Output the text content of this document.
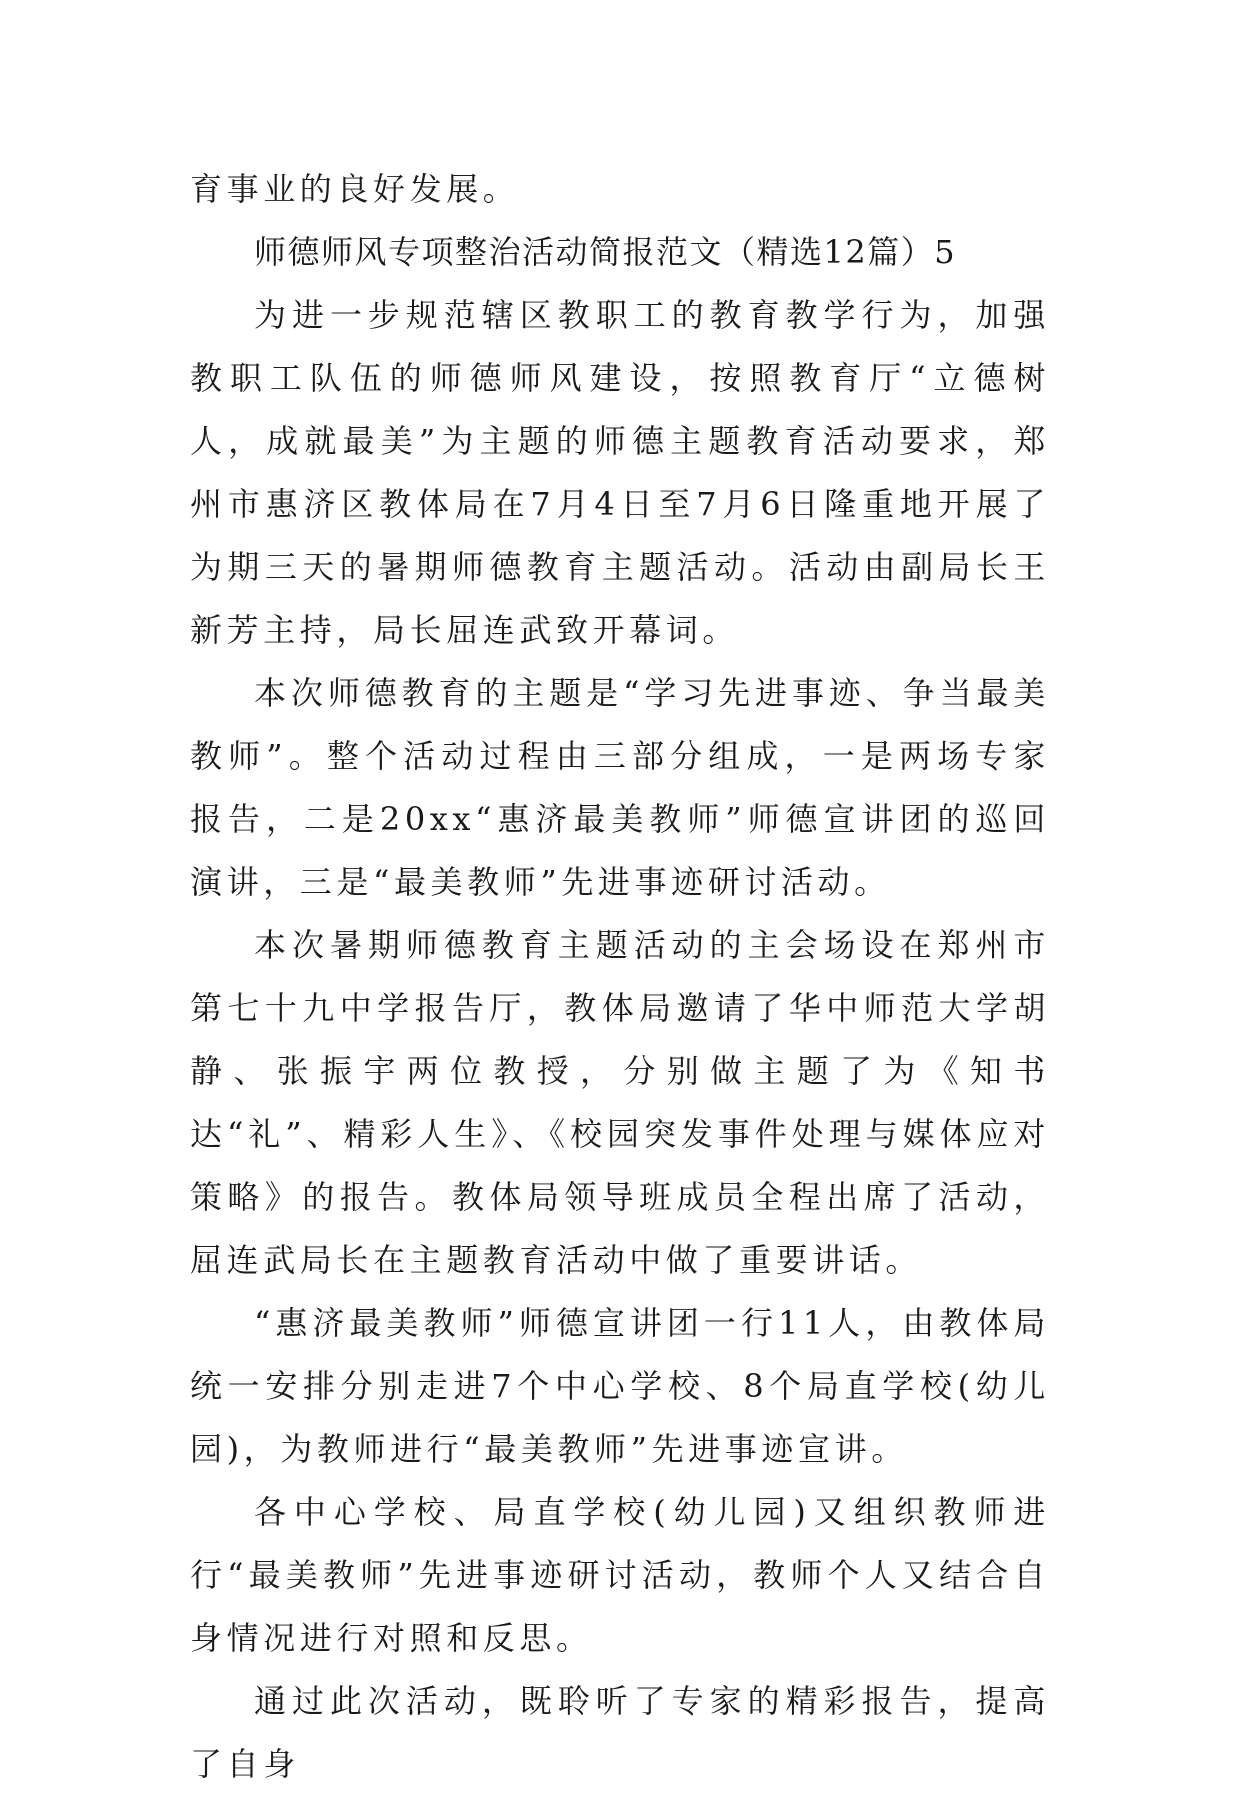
育事业的良好发展。

师德师风专项整治活动简报范文（精选12篇）5

为进一步规范辖区教职工的教育教学行为，加强教职工队伍的师德师风建设，按照教育厅“立德树人，成就最美”为主题的师德主题教育活动要求，郑州市惠济区教体局在7月4日至7月6日隆重地开展了为期三天的暑期师德教育主题活动。活动由副局长王新芳主持，局长屈连武致开幕词。

本次师德教育的主题是“学习先进事迹、争当最美教师”。整个活动过程由三部分组成，一是两场专家报告，二是20xx“惠济最美教师”师德宣讲团的巡回演讲，三是“最美教师”先进事迹研讨活动。

本次暑期师德教育主题活动的主会场设在郑州市第七十九中学报告厅，教体局邀请了华中师范大学胡静、张振宇两位教授，分别做主题了为《知书达“礼”、精彩人生》、《校园突发事件处理与媒体应对策略》的报告。教体局领导班成员全程出席了活动，屈连武局长在主题教育活动中做了重要讲话。

“惠济最美教师”师德宣讲团一行11人，由教体局统一安排分别走进7个中心学校、8个局直学校(幼儿园)，为教师进行“最美教师”先进事迹宣讲。

各中心学校、局直学校(幼儿园)又组织教师进行“最美教师”先进事迹研讨活动，教师个人又结合自身情况进行对照和反思。

通过此次活动，既聆听了专家的精彩报告，提高了自身
